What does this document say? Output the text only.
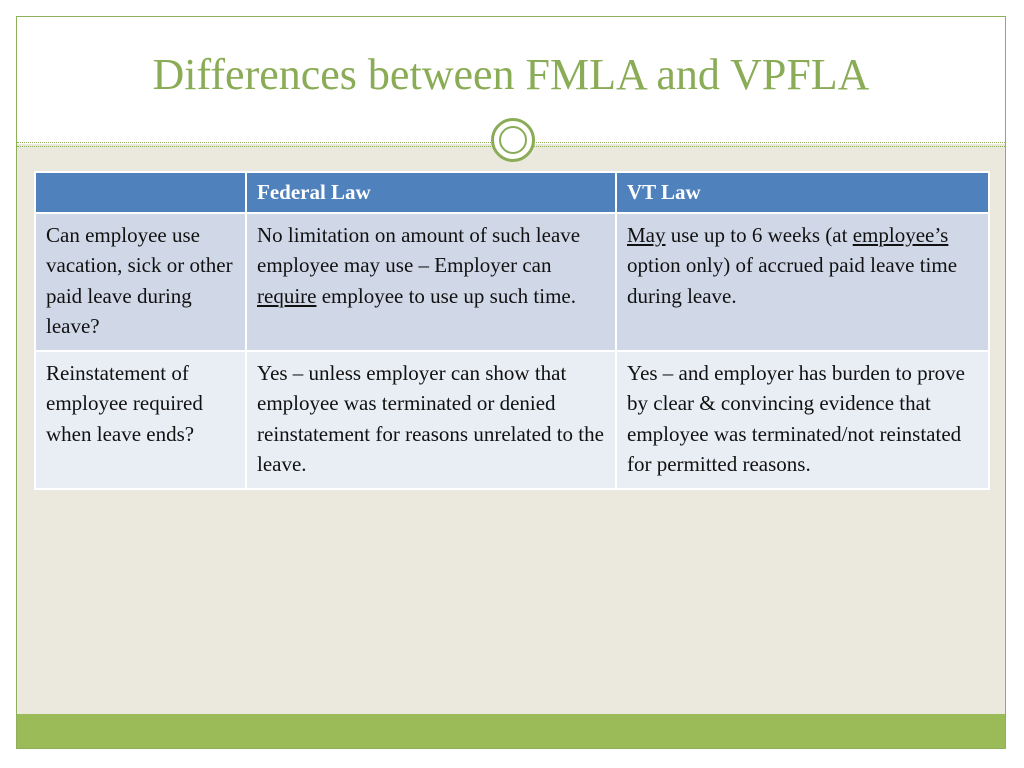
Differences between FMLA and VPFLA
	Federal Law	VT Law
Can employee use vacation, sick or other paid leave during leave?	No limitation on amount of such leave employee may use – Employer can require employee to use up such time.	May use up to 6 weeks (at employee’s option only) of accrued paid leave time during leave.
Reinstatement of employee required when leave ends?	Yes – unless employer can show that employee was terminated or denied reinstatement for reasons unrelated to the leave.	Yes – and employer has burden to prove by clear & convincing evidence that employee was terminated/not reinstated for permitted reasons.
